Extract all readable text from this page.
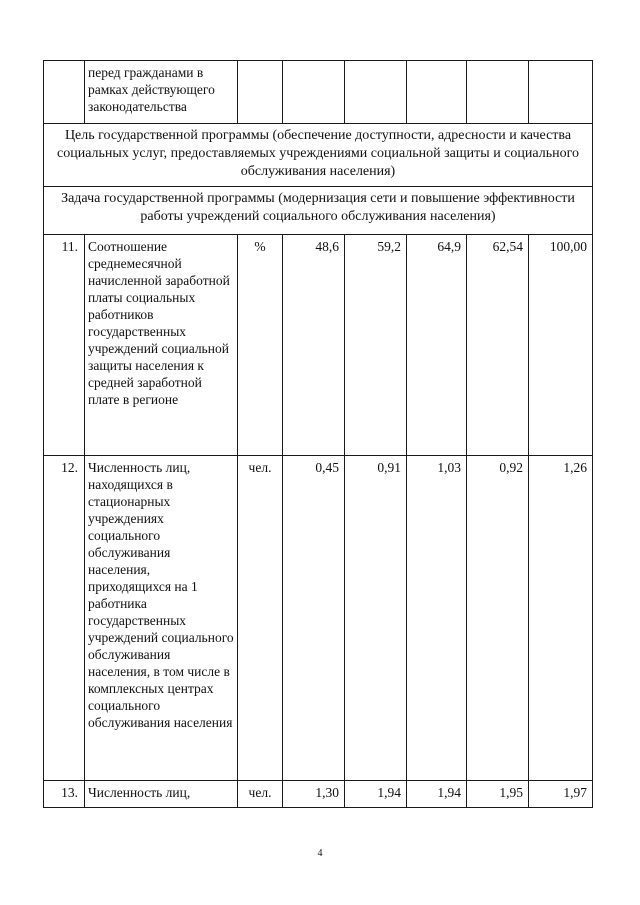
	перед гражданами в рамках действующего законодательства						
Цель государственной программы (обеспечение доступности, адресности и качества социальных услуг, предоставляемых учреждениями социальной защиты и социального обслуживания населения)							
Задача государственной программы (модернизация сети и повышение эффективности работы учреждений социального обслуживания населения)							
11.	Соотношение среднемесячной начисленной заработной платы социальных работников государственных учреждений социальной защиты населения к средней заработной плате в регионе	%	48,6	59,2	64,9	62,54	100,00
12.	Численность лиц, находящихся в стационарных учреждениях социального обслуживания населения, приходящихся на 1 работника государственных учреждений социального обслуживания населения, в том числе в комплексных центрах социального обслуживания населения	чел.	0,45	0,91	1,03	0,92	1,26
13.	Численность лиц,	чел.	1,30	1,94	1,94	1,95	1,97
4
